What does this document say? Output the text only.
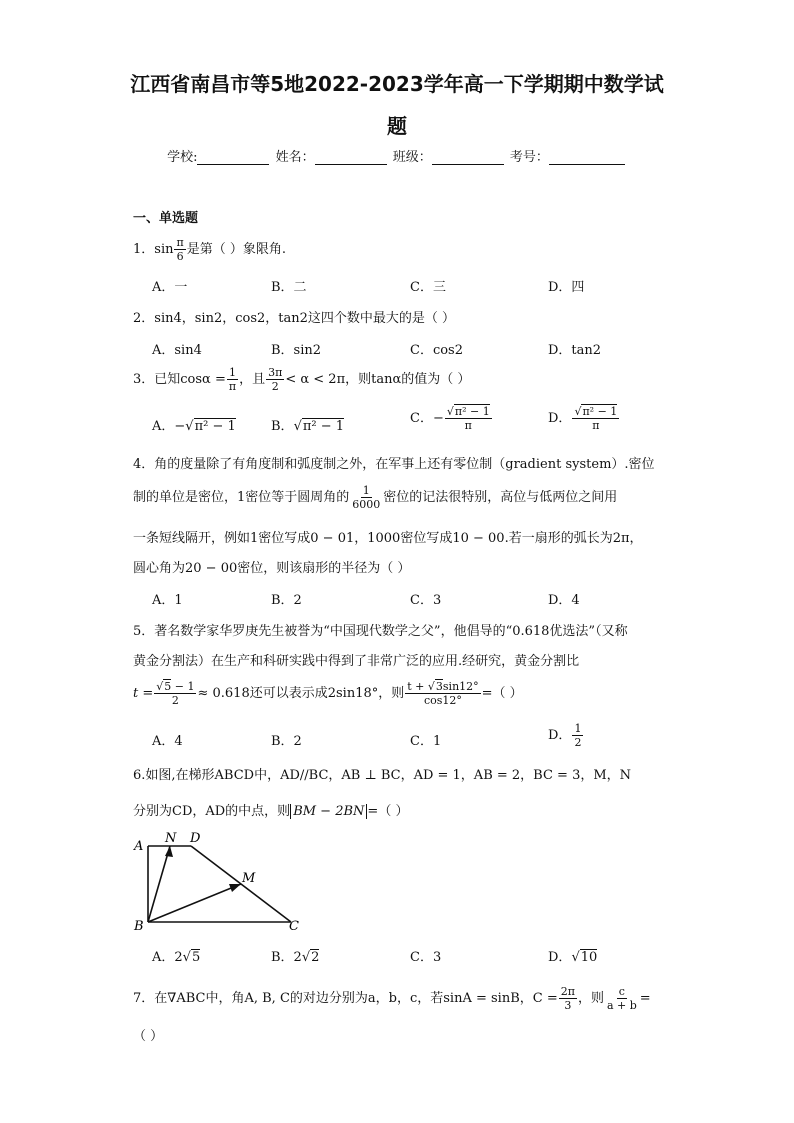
江西省南昌市等5地2022-2023学年高一下学期期中数学试
题
学校:	姓名：	班级：	考号：
一、单选题
1．$\sin \frac{\pi}{6}$ 是第（ ）象限角.
A．一	B．二	C．三	D．四
2．sin4，sin2，cos2，tan2这四个数中最大的是（ ）
A．sin4	B．sin2	C．cos2	D．tan2
3．已知$\cos\alpha = \frac{1}{\pi}$ ，且 $\frac{3\pi}{2} < \alpha < 2\pi$，则tanα的值为（ ）
A．−√π² − 1	B．√π² − 1
C．− $\frac{\text{√π² − 1}}{\pi}$	D． $\frac{\text{√π² − 1}}{\pi}$
4．角的度量除了有角度制和弧度制之外，在军事上还有零位制（gradient system）.密位
制的单位是密位，1密位等于圆周角的 $\frac{1}{6000}$ 密位的记法很特别，高位与低两位之间用
一条短线隔开，例如1密位写成0 − 01，1000密位写成10 − 00.若一扇形的弧长为2π，
圆心角为20 − 00密位，则该扇形的半径为（ ）
A．1	B．2	C．3	D．4
5．著名数学家华罗庚先生被誉为“中国现代数学之父”，他倡导的“0.618优选法”（又称
黄金分割法）在生产和科研实践中得到了非常广泛的应用.经研究，黄金分割比
$t = \frac{√5 - 1}{2} \approx 0.618$还可以表示成2sin18°，则 $\frac{t + √3\sin 12^\circ}{\cos 12^\circ}$ =（ ）
A．4	B．2	C．1	D． $\frac{1}{2}$
6.如图,在梯形ABCD中，AD//BC，AB ⊥ BC，AD = 1，AB = 2，BC = 3，M，N
分别为CD，AD的中点，则 BM − 2BN =（ ）
A
N D
M
B	C
A．2√5	B．2√2	C．3	D．√10
7．在∇ABC中，角A, B, C的对边分别为a，b，c，若sinA = sinB，$C = \frac{2\pi}{3}$ ，则 $\frac{c}{a + b}$ =
（ ）
